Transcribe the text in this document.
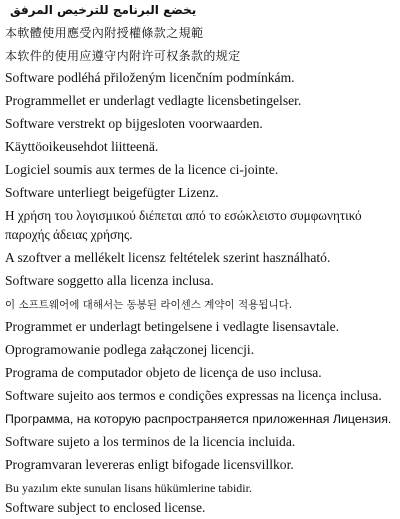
يخضع البرنامج للترخيص المرفق
本軟體使用應受內附授權條款之規範
本软件的使用应遵守内附许可权条款的规定
Software podléhá přiloženým licenčním podmínkám.
Programmellet er underlagt vedlagte licensbetingelser.
Software verstrekt op bijgesloten voorwaarden.
Käyttöoikeusehdot liitteenä.
Logiciel soumis aux termes de la licence ci-jointe.
Software unterliegt beigefügter Lizenz.
Η χρήση του λογισμικού διέπεται από το εσώκλειστο συμφωνητικό
παροχής άδειας χρήσης.
A szoftver a mellékelt licensz feltételek szerint használható.
Software soggetto alla licenza inclusa.
이 소프트웨어에 대해서는 동봉된 라이센스 계약이 적용됩니다.
Programmet er underlagt betingelsene i vedlagte lisensavtale.
Oprogramowanie podlega załączonej licencji.
Programa de computador objeto de licença de uso inclusa.
Software sujeito aos termos e condições expressas na licença inclusa.
Программа, на которую распространяется приложенная Лицензия.
Software sujeto a los terminos de la licencia incluida.
Programvaran levereras enligt bifogade licensvillkor.
Bu yazılım ekte sunulan lisans hükümlerine tabidir.
Software subject to enclosed license.
